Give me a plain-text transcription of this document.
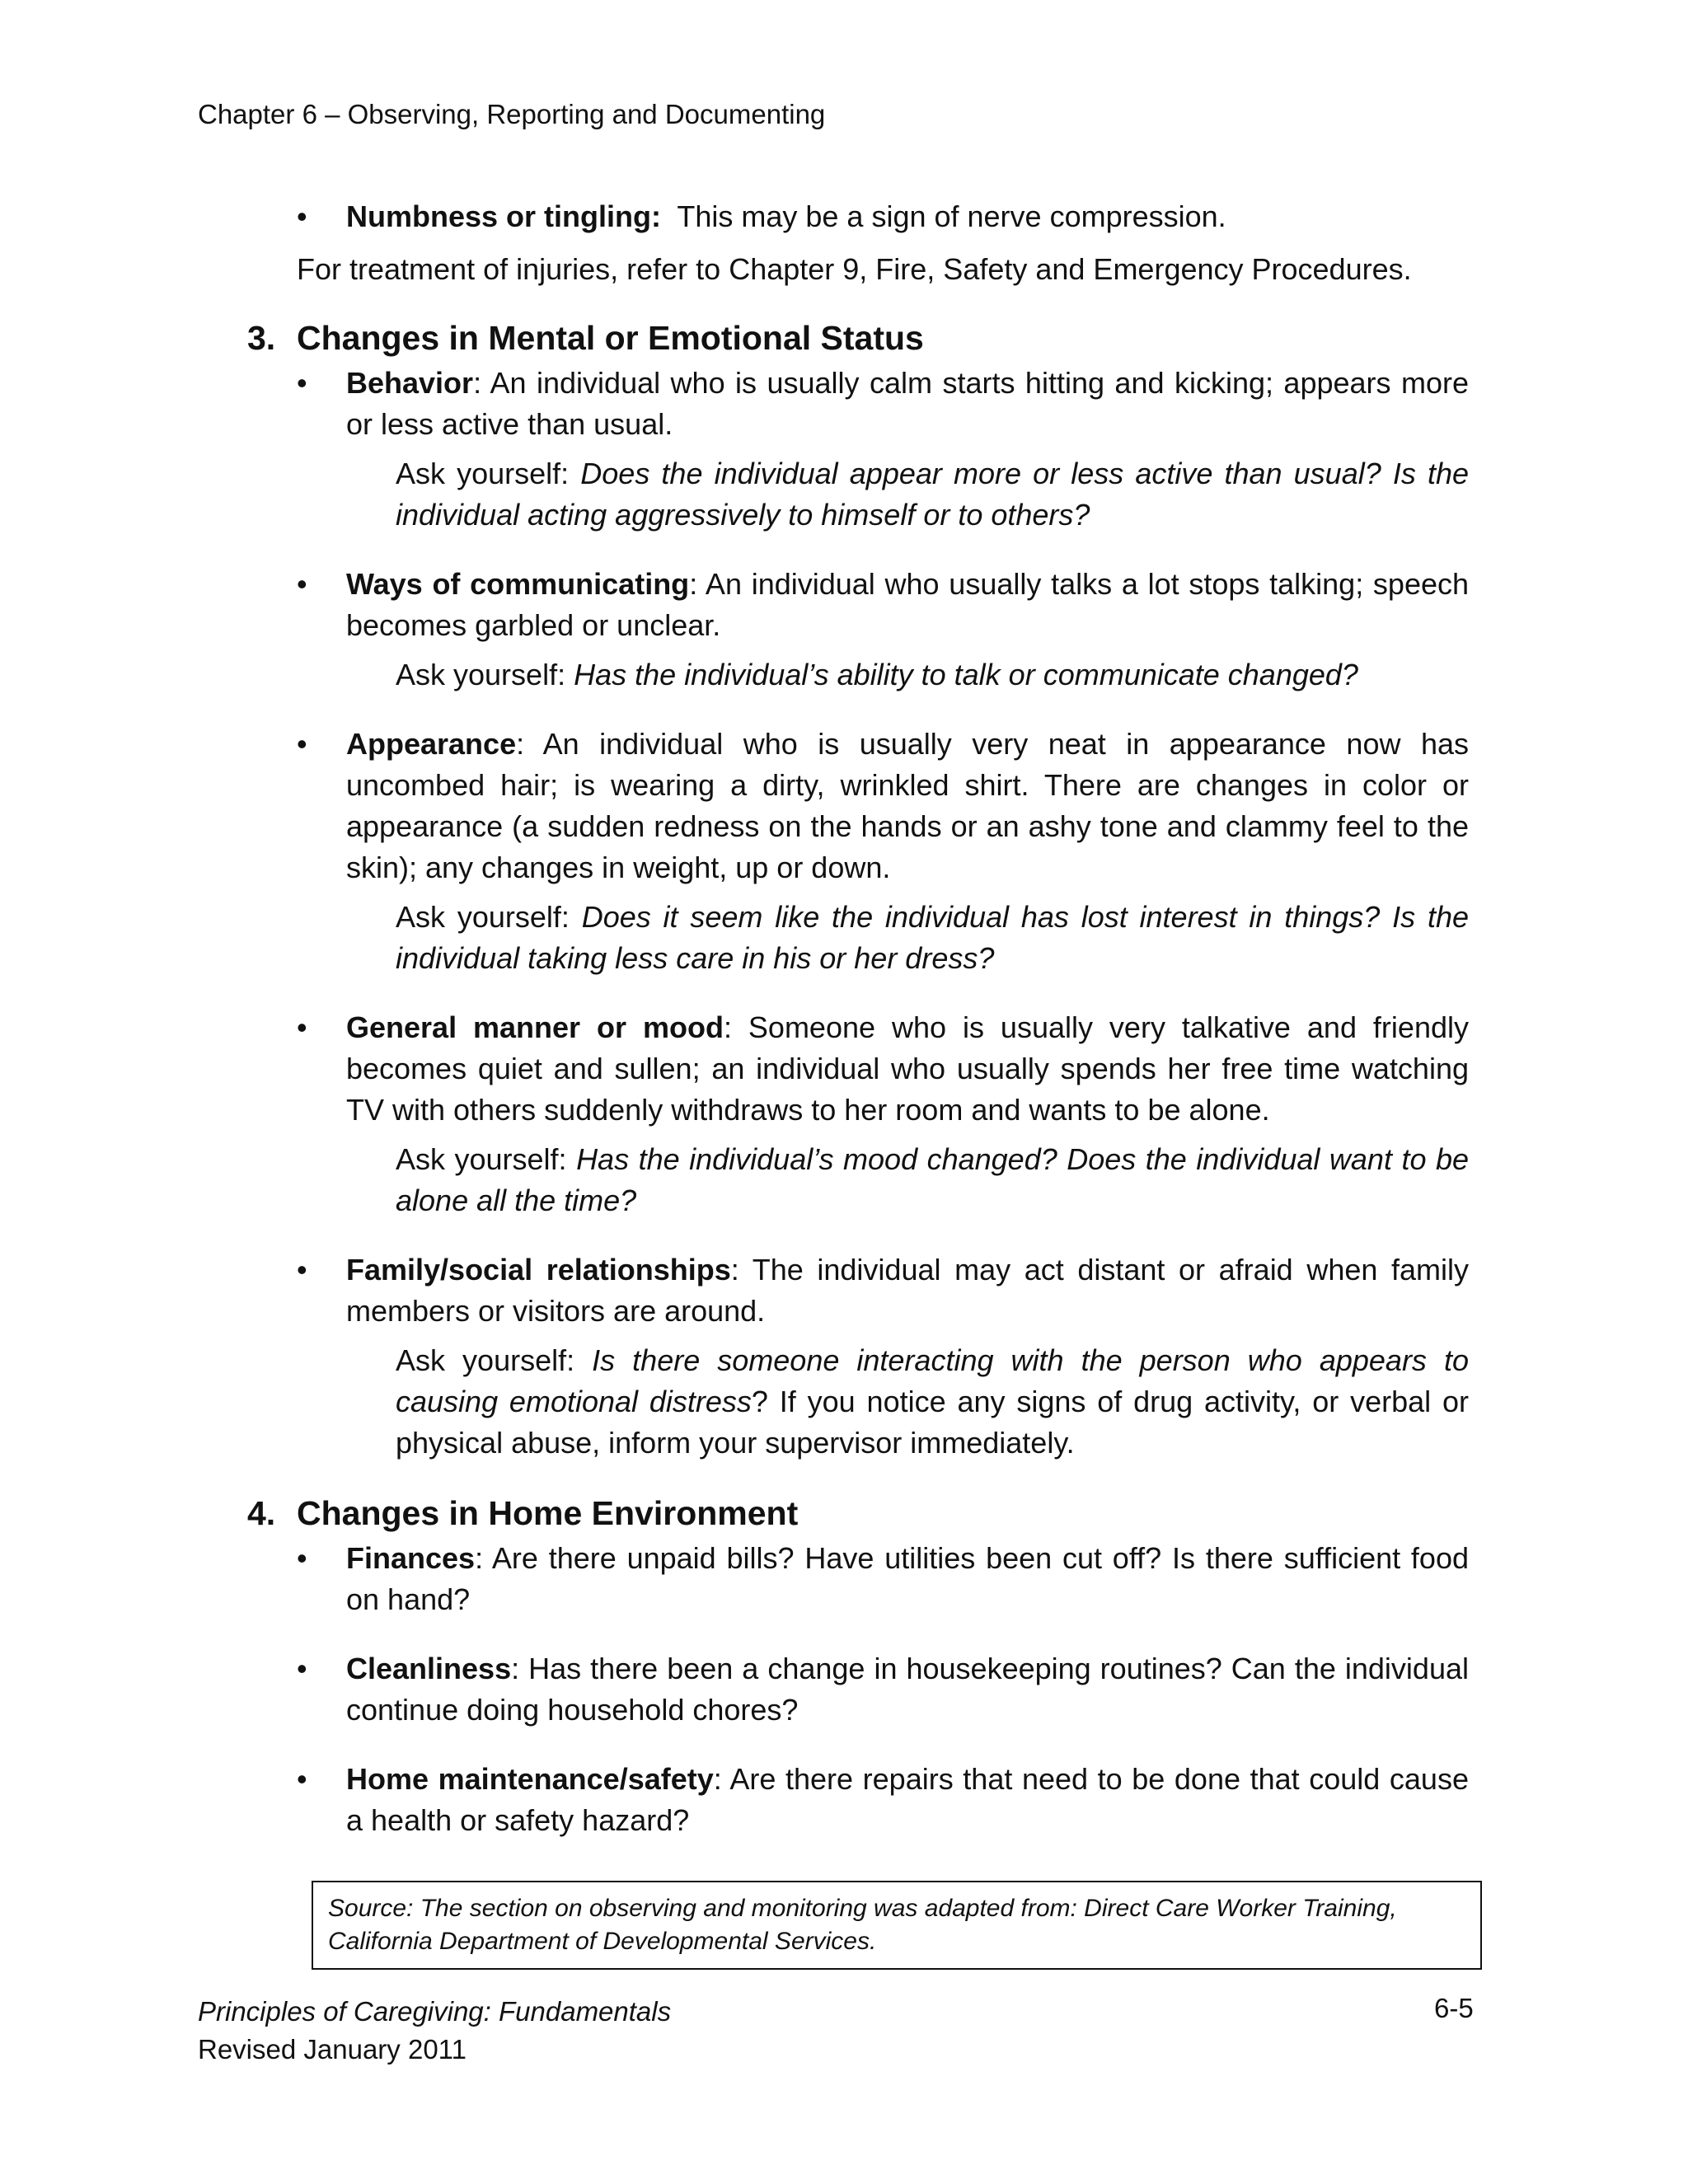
Chapter 6 – Observing, Reporting and Documenting
• Numbness or tingling:  This may be a sign of nerve compression.
For treatment of injuries, refer to Chapter 9, Fire, Safety and Emergency Procedures.
3. Changes in Mental or Emotional Status
• Behavior: An individual who is usually calm starts hitting and kicking; appears more or less active than usual.
Ask yourself: Does the individual appear more or less active than usual? Is the individual acting aggressively to himself or to others?
• Ways of communicating: An individual who usually talks a lot stops talking; speech becomes garbled or unclear.
Ask yourself: Has the individual’s ability to talk or communicate changed?
• Appearance: An individual who is usually very neat in appearance now has uncombed hair; is wearing a dirty, wrinkled shirt. There are changes in color or appearance (a sudden redness on the hands or an ashy tone and clammy feel to the skin); any changes in weight, up or down.
Ask yourself: Does it seem like the individual has lost interest in things? Is the individual taking less care in his or her dress?
• General manner or mood: Someone who is usually very talkative and friendly becomes quiet and sullen; an individual who usually spends her free time watching TV with others suddenly withdraws to her room and wants to be alone.
Ask yourself: Has the individual’s mood changed? Does the individual want to be alone all the time?
• Family/social relationships: The individual may act distant or afraid when family members or visitors are around.
Ask yourself: Is there someone interacting with the person who appears to causing emotional distress? If you notice any signs of drug activity, or verbal or physical abuse, inform your supervisor immediately.
4. Changes in Home Environment
• Finances: Are there unpaid bills? Have utilities been cut off? Is there sufficient food on hand?
• Cleanliness: Has there been a change in housekeeping routines? Can the individual continue doing household chores?
• Home maintenance/safety: Are there repairs that need to be done that could cause a health or safety hazard?
Source: The section on observing and monitoring was adapted from: Direct Care Worker Training, California Department of Developmental Services.
Principles of Caregiving: Fundamentals
Revised January 2011
6-5
